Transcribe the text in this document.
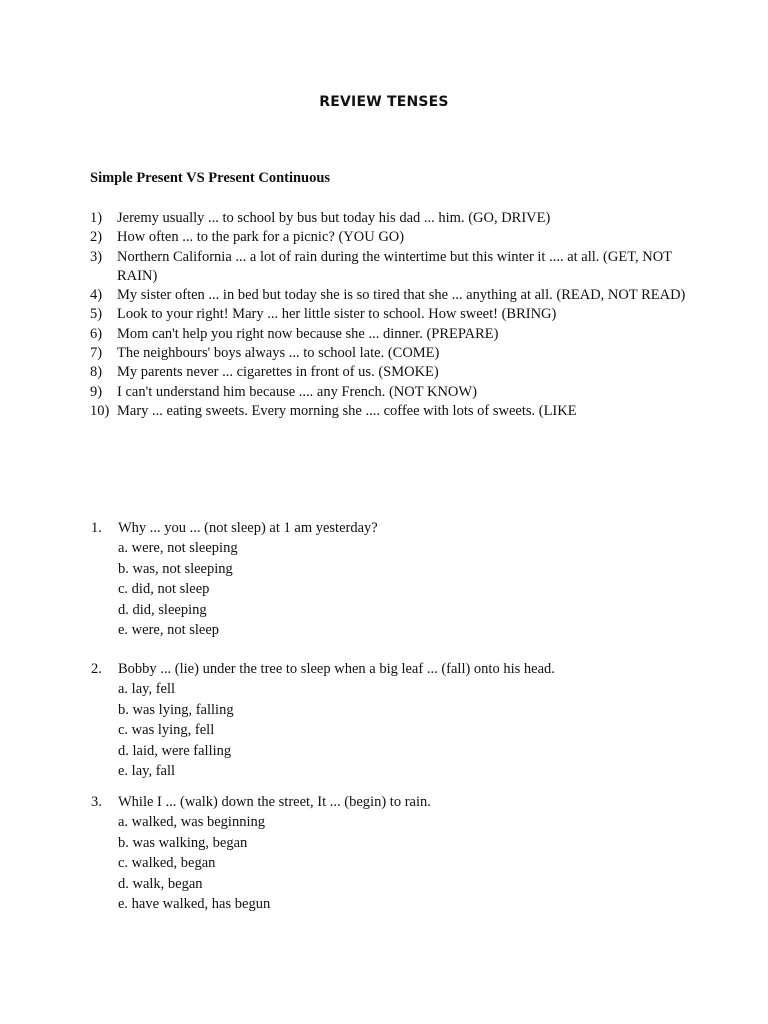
REVIEW TENSES
Simple Present VS Present Continuous
1)	Jeremy usually ... to school by bus but today his dad ... him. (GO, DRIVE)
2)	How often ... to the park for a picnic? (YOU GO)
3)	Northern California ... a lot of rain during the wintertime but this winter it .... at all. (GET, NOT RAIN)
4)	My sister often ... in bed but today she is so tired that she ... anything at all. (READ, NOT READ)
5)	Look to your right! Mary ... her little sister to school. How sweet! (BRING)
6)	Mom can't help you right now because she ... dinner. (PREPARE)
7)	The neighbours' boys always ... to school late. (COME)
8)	My parents never ... cigarettes in front of us. (SMOKE)
9)	I can't understand him because .... any French. (NOT KNOW)
10) Mary ... eating sweets. Every morning she .... coffee with lots of sweets. (LIKE
1.	Why ... you ... (not sleep) at 1 am yesterday?
a. were, not sleeping
b. was, not sleeping
c. did, not sleep
d. did, sleeping
e. were, not sleep
2.	Bobby ... (lie) under the tree to sleep when a big leaf ... (fall) onto his head.
a. lay, fell
b. was lying, falling
c. was lying, fell
d. laid, were falling
e. lay, fall
3.	While I ... (walk) down the street, It ... (begin) to rain.
a. walked, was beginning
b. was walking, began
c. walked, began
d. walk, began
e. have walked, has begun
